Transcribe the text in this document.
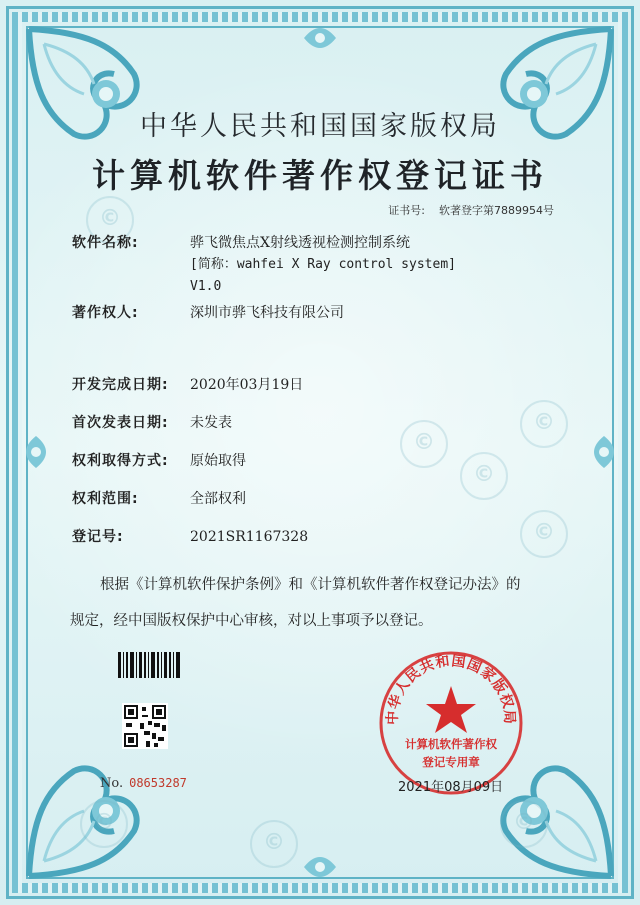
©
©
©
©
©
©	©
©
中华人民共和国国家版权局
计算机软件著作权登记证书
证书号: 软著登字第7889954号
软件名称:	骅飞微焦点X射线透视检测控制系统
[简称：wahfei X Ray control system]
V1.0
著作权人:	深圳市骅飞科技有限公司
开发完成日期:	2020年03月19日
首次发表日期:	未发表
权利取得方式:	原始取得
权利范围:	全部权利
登记号:	2021SR1167328
根据《计算机软件保护条例》和《计算机软件著作权登记办法》的
规定，经中国版权保护中心审核，对以上事项予以登记。
No. 08653287
中华人民共和国国家版权局
计算机软件著作权
登记专用章
2021年08月09日
